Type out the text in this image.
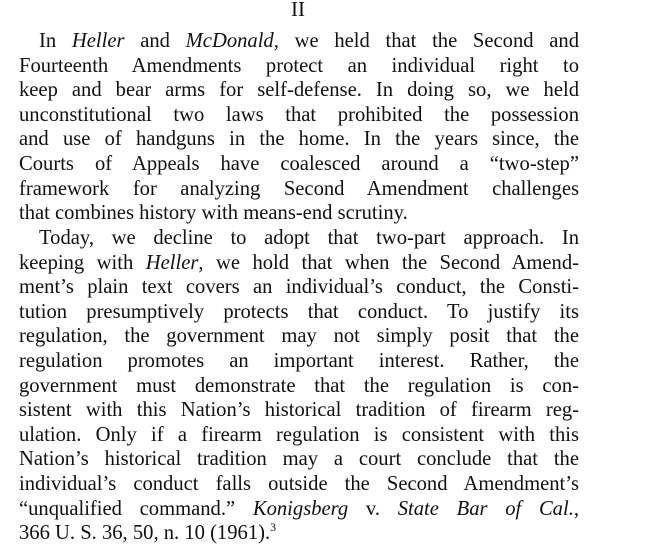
II
In Heller and McDonald, we held that the Second and
Fourteenth Amendments protect an individual right to
keep and bear arms for self-defense. In doing so, we held
unconstitutional two laws that prohibited the possession
and use of handguns in the home. In the years since, the
Courts of Appeals have coalesced around a “two-step”
framework for analyzing Second Amendment challenges
that combines history with means-end scrutiny.
Today, we decline to adopt that two-part approach. In
keeping with Heller, we hold that when the Second Amend-
ment’s plain text covers an individual’s conduct, the Consti-
tution presumptively protects that conduct. To justify its
regulation, the government may not simply posit that the
regulation promotes an important interest. Rather, the
government must demonstrate that the regulation is con-
sistent with this Nation’s historical tradition of firearm reg-
ulation. Only if a firearm regulation is consistent with this
Nation’s historical tradition may a court conclude that the
individual’s conduct falls outside the Second Amendment’s
“unqualified command.” Konigsberg v. State Bar of Cal.,
366 U. S. 36, 50, n. 10 (1961).$^3$
